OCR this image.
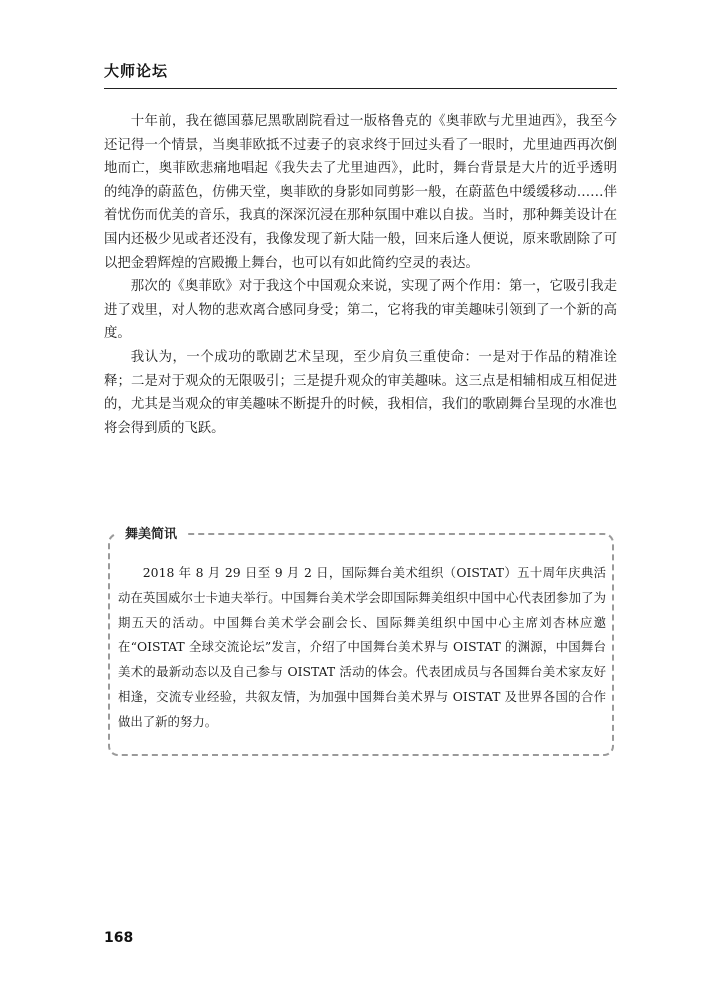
大师论坛

十年前，我在德国慕尼黑歌剧院看过一版格鲁克的《奥菲欧与尤里迪西》，我至今还记得一个情景，当奥菲欧抵不过妻子的哀求终于回过头看了一眼时，尤里迪西再次倒地而亡，奥菲欧悲痛地唱起《我失去了尤里迪西》，此时，舞台背景是大片的近乎透明的纯净的蔚蓝色，仿佛天堂，奥菲欧的身影如同剪影一般，在蔚蓝色中缓缓移动……伴着忧伤而优美的音乐，我真的深深沉浸在那种氛围中难以自拔。当时，那种舞美设计在国内还极少见或者还没有，我像发现了新大陆一般，回来后逢人便说，原来歌剧除了可以把金碧辉煌的宫殿搬上舞台，也可以有如此简约空灵的表达。

那次的《奥菲欧》对于我这个中国观众来说，实现了两个作用：第一，它吸引我走进了戏里，对人物的悲欢离合感同身受；第二，它将我的审美趣味引领到了一个新的高度。

我认为，一个成功的歌剧艺术呈现，至少肩负三重使命：一是对于作品的精准诠释；二是对于观众的无限吸引；三是提升观众的审美趣味。这三点是相辅相成互相促进的，尤其是当观众的审美趣味不断提升的时候，我相信，我们的歌剧舞台呈现的水准也将会得到质的飞跃。

舞美简讯

2018 年 8 月 29 日至 9 月 2 日，国际舞台美术组织（OISTAT）五十周年庆典活动在英国威尔士卡迪夫举行。中国舞台美术学会即国际舞美组织中国中心代表团参加了为期五天的活动。中国舞台美术学会副会长、国际舞美组织中国中心主席刘杏林应邀在“OISTAT 全球交流论坛”发言，介绍了中国舞台美术界与 OISTAT 的渊源，中国舞台美术的最新动态以及自己参与 OISTAT 活动的体会。代表团成员与各国舞台美术家友好相逢，交流专业经验，共叙友情，为加强中国舞台美术界与 OISTAT 及世界各国的合作做出了新的努力。

168
